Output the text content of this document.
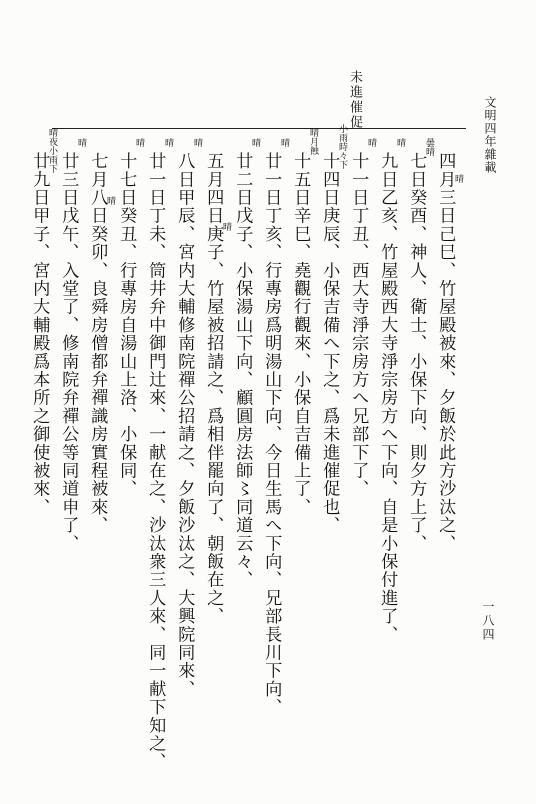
文明四年雜載
一八四
未進催促
四月三日己巳、竹屋殿被來、夕飯於此方沙汰之、
七日癸酉、神人、衛士、小保下向、則夕方上了、
九日乙亥、竹屋殿西大寺淨宗房方へ下向、自是小保付進了、
十一日丁丑、西大寺淨宗房方へ兄部下了、
十四日庚辰、小保吉備へ下之、爲未進催促也、
十五日辛巳、堯觀行觀來、小保自吉備上了、
廿一日丁亥、行專房爲明湯山下向、今日生馬へ下向、兄部長川下向、
廿二日戊子、小保湯山下向、顧圓房法師〻同道云々、
五月四日庚子、竹屋被招請之、爲相伴罷向了、朝飯在之、
八日甲辰、宮内大輔修南院禪公招請之、夕飯沙汰之、大興院同來、
廿一日丁未、筒井弁中御門辻來、一献在之、沙汰衆三人來、同一献下知之、
十七日癸丑、行專房自湯山上洛、小保同、
七月八日癸卯、良舜房僧都弁禪識房實程被來、
廿三日戊午、入堂了、修南院弁禪公等同道申了、
廿九日甲子、宮内大輔殿爲本所之御使被來、	晴
曇晴
晴
晴
小雨時々下
晴月蝕
晴
晴
晴
晴
晴
晴
晴
晴
晴夜小雨下
